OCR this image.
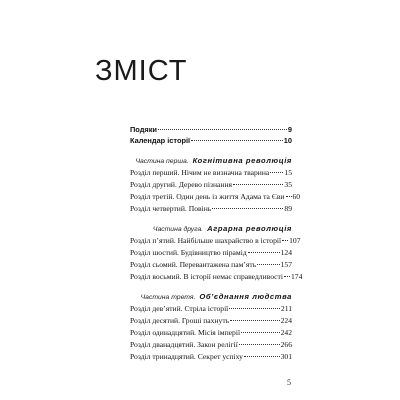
ЗМІСТ
Подяки	9
Календар історії	10
Частина перша. Когнітивна революція
Розділ перший. Нічим не визначна тварина 15
Розділ другий. Дерево пізнання	35
Розділ третій. Один день із життя Адама та Єви 60
Розділ четвертий. Повінь	89
Частина друга. Аграрна революція
Розділ п’ятий. Найбільше шахрайство в історії 107
Розділ шостий. Будівництво пірамід	124
Розділ сьомий. Перевантажена пам’ять	157
Розділ восьмий. В історії немає справедливості 174
Частина третя. Об’єднання людства
Розділ дев’ятий. Стріла історії	211
Розділ десятий. Гроші пахнуть	224
Розділ одинадцятий. Місія імперії	242
Розділ дванадцятий. Закон релігії	266
Розділ тринадцятий. Секрет успіху	301
5
